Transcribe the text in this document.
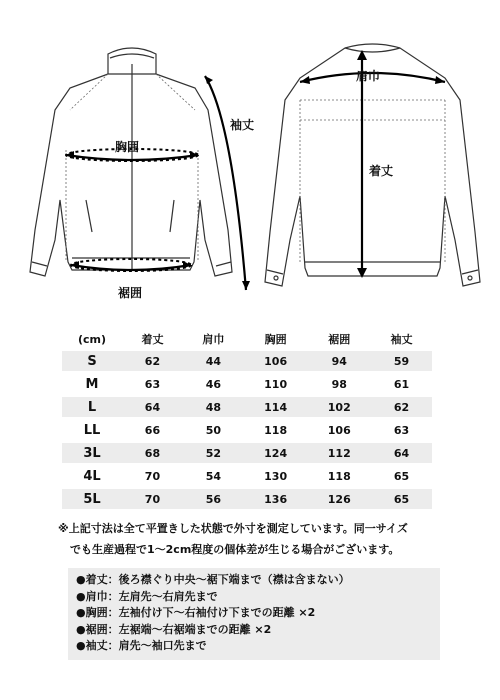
胸囲
裾囲
袖丈
肩巾
着丈
(cm)	着丈	肩巾	胸囲	裾囲	袖丈
S	62	44	106	94	59
M	63	46	110	98	61
L	64	48	114	102	62
LL	66	50	118	106	63
3L	68	52	124	112	64
4L	70	54	130	118	65
5L	70	56	136	126	65
※上記寸法は全て平置きした状態で外寸を測定しています。同一サイズ
でも生産過程で1〜2cm程度の個体差が生じる場合がございます。
●着丈：後ろ襟ぐり中央〜裾下端まで（襟は含まない）
●肩巾：左肩先〜右肩先まで
●胸囲：左袖付け下〜右袖付け下までの距離 ×2
●裾囲：左裾端〜右裾端までの距離 ×2
●袖丈：肩先〜袖口先まで
